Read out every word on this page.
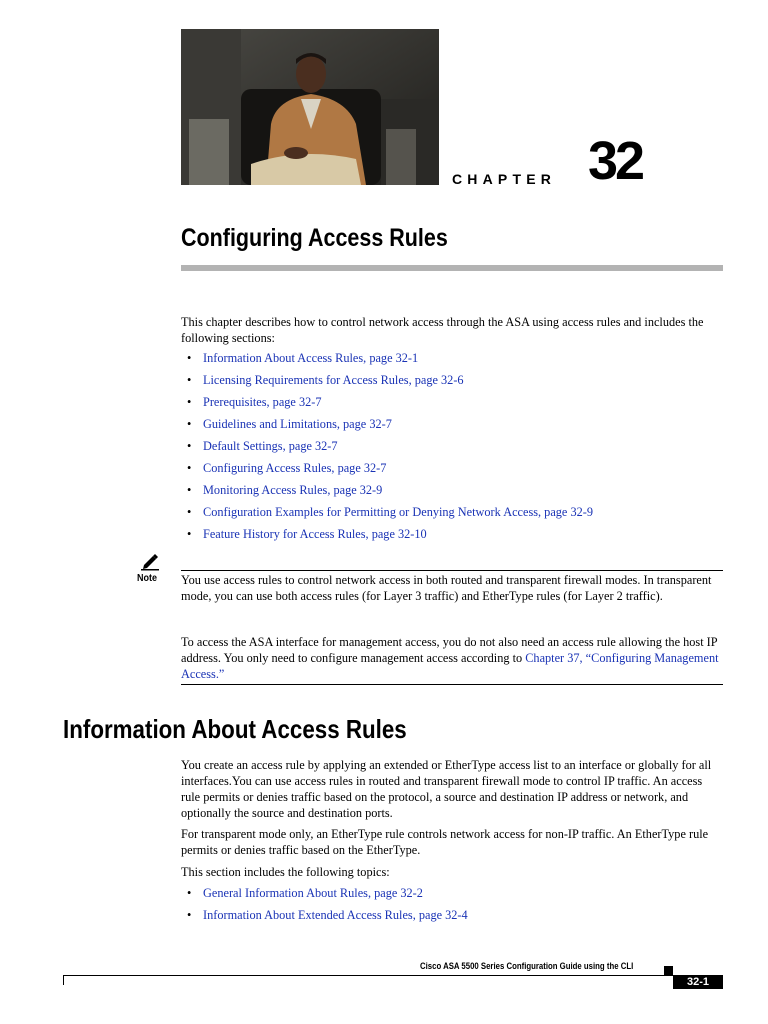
CHAPTER 32
Configuring Access Rules
This chapter describes how to control network access through the ASA using access rules and includes the following sections:
• Information About Access Rules, page 32-1
• Licensing Requirements for Access Rules, page 32-6
• Prerequisites, page 32-7
• Guidelines and Limitations, page 32-7
• Default Settings, page 32-7
• Configuring Access Rules, page 32-7
• Monitoring Access Rules, page 32-9
• Configuration Examples for Permitting or Denying Network Access, page 32-9
• Feature History for Access Rules, page 32-10
Note You use access rules to control network access in both routed and transparent firewall modes. In transparent mode, you can use both access rules (for Layer 3 traffic) and EtherType rules (for Layer 2 traffic).
To access the ASA interface for management access, you do not also need an access rule allowing the host IP address. You only need to configure management access according to Chapter 37, “Configuring Management Access.”
Information About Access Rules
You create an access rule by applying an extended or EtherType access list to an interface or globally for all interfaces.You can use access rules in routed and transparent firewall mode to control IP traffic. An access rule permits or denies traffic based on the protocol, a source and destination IP address or network, and optionally the source and destination ports.
For transparent mode only, an EtherType rule controls network access for non-IP traffic. An EtherType rule permits or denies traffic based on the EtherType.
This section includes the following topics:
• General Information About Rules, page 32-2
• Information About Extended Access Rules, page 32-4
Cisco ASA 5500 Series Configuration Guide using the CLI
32-1
